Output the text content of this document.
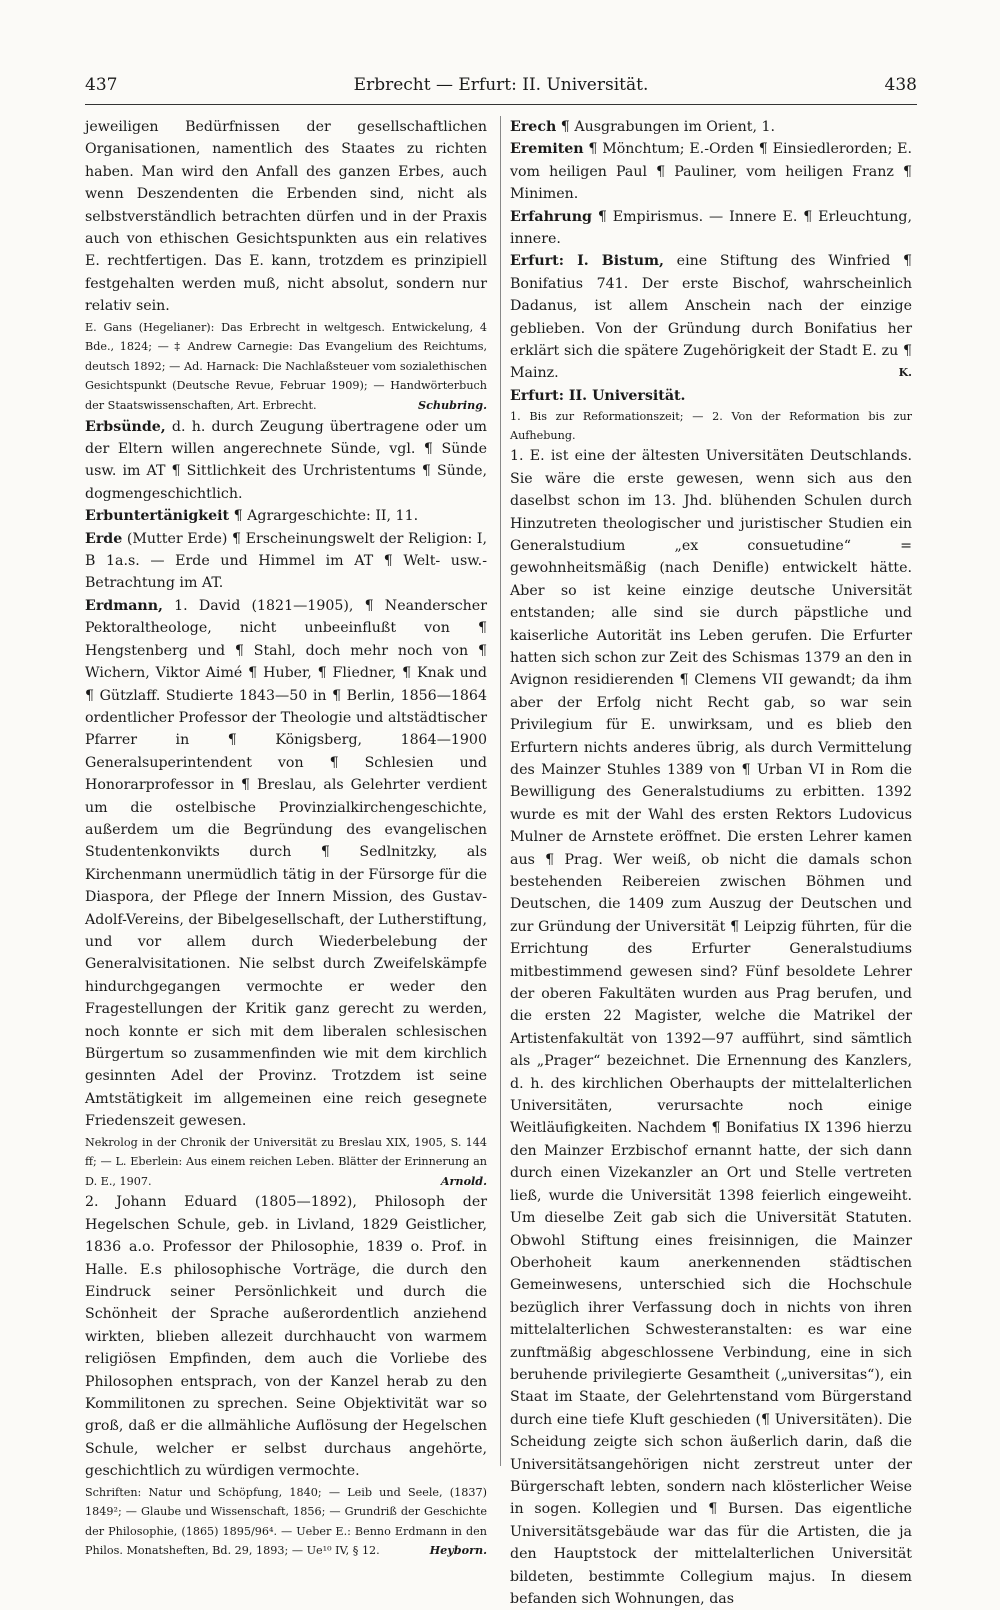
437	Erbrecht — Erfurt: II. Universität.	438

jeweiligen Bedürfnissen der gesellschaftlichen Organisationen, namentlich des Staates zu richten haben. Man wird den Anfall des ganzen Erbes, auch wenn Deszendenten die Erbenden sind, nicht als selbstverständlich betrachten dürfen und in der Praxis auch von ethischen Gesichtspunkten aus ein relatives E. rechtfertigen. Das E. kann, trotzdem es prinzipiell festgehalten werden muß, nicht absolut, sondern nur relativ sein.

E. Gans (Hegelianer): Das Erbrecht in weltgesch. Entwickelung, 4 Bde., 1824; — ‡ Andrew Carnegie: Das Evangelium des Reichtums, deutsch 1892; — Ad. Harnack: Die Nachlaßsteuer vom sozialethischen Gesichtspunkt (Deutsche Revue, Februar 1909); — Handwörterbuch der Staatswissenschaften, Art. Erbrecht.	Schubring.

Erbsünde, d. h. durch Zeugung übertragene oder um der Eltern willen angerechnete Sünde, vgl. ¶ Sünde usw. im AT ¶ Sittlichkeit des Urchristentums ¶ Sünde, dogmengeschichtlich.

Erbuntertänigkeit ¶ Agrargeschichte: II, 11.

Erde (Mutter Erde) ¶ Erscheinungswelt der Religion: I, B 1a.s. — Erde und Himmel im AT ¶ Welt- usw.-Betrachtung im AT.

Erdmann, 1. David (1821—1905), ¶ Neanderscher Pektoraltheologe, nicht unbeeinflußt von ¶ Hengstenberg und ¶ Stahl, doch mehr noch von ¶ Wichern, Viktor Aimé ¶ Huber, ¶ Fliedner, ¶ Knak und ¶ Gützlaff. Studierte 1843—50 in ¶ Berlin, 1856—1864 ordentlicher Professor der Theologie und altstädtischer Pfarrer in ¶ Königsberg, 1864—1900 Generalsuperintendent von ¶ Schlesien und Honorarprofessor in ¶ Breslau, als Gelehrter verdient um die ostelbische Provinzialkirchengeschichte, außerdem um die Begründung des evangelischen Studentenkonvikts durch ¶ Sedlnitzky, als Kirchenmann unermüdlich tätig in der Fürsorge für die Diaspora, der Pflege der Innern Mission, des Gustav-Adolf-Vereins, der Bibelgesellschaft, der Lutherstiftung, und vor allem durch Wiederbelebung der Generalvisitationen. Nie selbst durch Zweifelskämpfe hindurchgegangen vermochte er weder den Fragestellungen der Kritik ganz gerecht zu werden, noch konnte er sich mit dem liberalen schlesischen Bürgertum so zusammenfinden wie mit dem kirchlich gesinnten Adel der Provinz. Trotzdem ist seine Amtstätigkeit im allgemeinen eine reich gesegnete Friedenszeit gewesen.

Nekrolog in der Chronik der Universität zu Breslau XIX, 1905, S. 144 ff; — L. Eberlein: Aus einem reichen Leben. Blätter der Erinnerung an D. E., 1907.	Arnold.

2. Johann Eduard (1805—1892), Philosoph der Hegelschen Schule, geb. in Livland, 1829 Geistlicher, 1836 a.o. Professor der Philosophie, 1839 o. Prof. in Halle. E.s philosophische Vorträge, die durch den Eindruck seiner Persönlichkeit und durch die Schönheit der Sprache außerordentlich anziehend wirkten, blieben allezeit durchhaucht von warmem religiösen Empfinden, dem auch die Vorliebe des Philosophen entsprach, von der Kanzel herab zu den Kommilitonen zu sprechen. Seine Objektivität war so groß, daß er die allmähliche Auflösung der Hegelschen Schule, welcher er selbst durchaus angehörte, geschichtlich zu würdigen vermochte.

Schriften: Natur und Schöpfung, 1840; — Leib und Seele, (1837) 1849²; — Glaube und Wissenschaft, 1856; — Grundriß der Geschichte der Philosophie, (1865) 1895/96⁴. — Ueber E.: Benno Erdmann in den Philos. Monatsheften, Bd. 29, 1893; — Ue¹⁰ IV, § 12.	Heyborn.

Erech ¶ Ausgrabungen im Orient, 1.

Eremiten ¶ Mönchtum; E.-Orden ¶ Einsiedlerorden; E. vom heiligen Paul ¶ Pauliner, vom heiligen Franz ¶ Minimen.

Erfahrung ¶ Empirismus. — Innere E. ¶ Erleuchtung, innere.

Erfurt: I. Bistum, eine Stiftung des Winfried ¶ Bonifatius 741. Der erste Bischof, wahrscheinlich Dadanus, ist allem Anschein nach der einzige geblieben. Von der Gründung durch Bonifatius her erklärt sich die spätere Zugehörigkeit der Stadt E. zu ¶ Mainz.	K.

Erfurt: II. Universität.

1. Bis zur Reformationszeit; — 2. Von der Reformation bis zur Aufhebung.

1. E. ist eine der ältesten Universitäten Deutschlands. Sie wäre die erste gewesen, wenn sich aus den daselbst schon im 13. Jhd. blühenden Schulen durch Hinzutreten theologischer und juristischer Studien ein Generalstudium „ex consuetudine“ = gewohnheitsmäßig (nach Denifle) entwickelt hätte. Aber so ist keine einzige deutsche Universität entstanden; alle sind sie durch päpstliche und kaiserliche Autorität ins Leben gerufen. Die Erfurter hatten sich schon zur Zeit des Schismas 1379 an den in Avignon residierenden ¶ Clemens VII gewandt; da ihm aber der Erfolg nicht Recht gab, so war sein Privilegium für E. unwirksam, und es blieb den Erfurtern nichts anderes übrig, als durch Vermittelung des Mainzer Stuhles 1389 von ¶ Urban VI in Rom die Bewilligung des Generalstudiums zu erbitten. 1392 wurde es mit der Wahl des ersten Rektors Ludovicus Mulner de Arnstete eröffnet. Die ersten Lehrer kamen aus ¶ Prag. Wer weiß, ob nicht die damals schon bestehenden Reibereien zwischen Böhmen und Deutschen, die 1409 zum Auszug der Deutschen und zur Gründung der Universität ¶ Leipzig führten, für die Errichtung des Erfurter Generalstudiums mitbestimmend gewesen sind? Fünf besoldete Lehrer der oberen Fakultäten wurden aus Prag berufen, und die ersten 22 Magister, welche die Matrikel der Artistenfakultät von 1392—97 aufführt, sind sämtlich als „Prager“ bezeichnet. Die Ernennung des Kanzlers, d. h. des kirchlichen Oberhaupts der mittelalterlichen Universitäten, verursachte noch einige Weitläufigkeiten. Nachdem ¶ Bonifatius IX 1396 hierzu den Mainzer Erzbischof ernannt hatte, der sich dann durch einen Vizekanzler an Ort und Stelle vertreten ließ, wurde die Universität 1398 feierlich eingeweiht. Um dieselbe Zeit gab sich die Universität Statuten. Obwohl Stiftung eines freisinnigen, die Mainzer Oberhoheit kaum anerkennenden städtischen Gemeinwesens, unterschied sich die Hochschule bezüglich ihrer Verfassung doch in nichts von ihren mittelalterlichen Schwesteranstalten: es war eine zunftmäßig abgeschlossene Verbindung, eine in sich beruhende privilegierte Gesamtheit („universitas“), ein Staat im Staate, der Gelehrtenstand vom Bürgerstand durch eine tiefe Kluft geschieden (¶ Universitäten). Die Scheidung zeigte sich schon äußerlich darin, daß die Universitätsangehörigen nicht zerstreut unter der Bürgerschaft lebten, sondern nach klösterlicher Weise in sogen. Kollegien und ¶ Bursen. Das eigentliche Universitätsgebäude war das für die Artisten, die ja den Hauptstock der mittelalterlichen Universität bildeten, bestimmte Collegium majus. In diesem befanden sich Wohnungen, das
